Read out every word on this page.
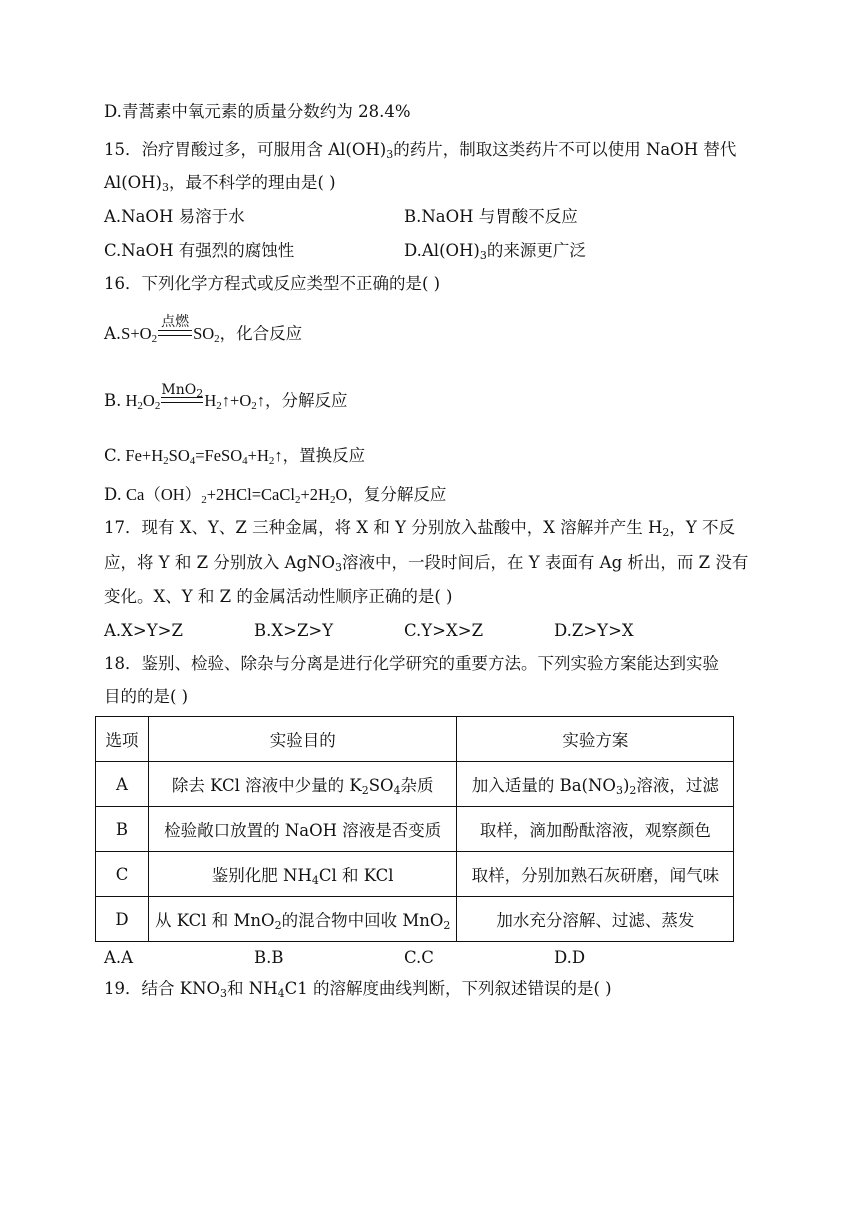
D.青蒿素中氧元素的质量分数约为 28.4%
15．治疗胃酸过多，可服用含 $Al(OH)_3$的药片，制取这类药片不可以使用 NaOH 替代
$Al(OH)_3$，最不科学的理由是( )
A.NaOH 易溶于水	B.NaOH 与胃酸不反应
C.NaOH 有强烈的腐蚀性	$D.Al(OH)_3$的来源更广泛
16．下列化学方程式或反应类型不正确的是( )
$A.S+O_2$
点燃
$SO_2$，化合反应
B. $H_2O_2$
MnO$_2$ $H_2↑+O_2↑$，分解反应
C. $Fe+H_2SO_4=FeSO_4+H_2↑$，置换反应
D. $Ca(OH)_2+2HCl=CaCl_2+2H_2O$，复分解反应
17．现有 X、Y、Z 三种金属，将 X 和 Y 分别放入盐酸中，X 溶解并产生 $H_2$，Y 不反
应，将 Y 和 Z 分别放入 AgNO$_3$溶液中，一段时间后，在 Y 表面有 Ag 析出，而 Z 没有
变化。X、Y 和 Z 的金属活动性顺序正确的是( )
A.X>Y>Z	B.X>Z>Y	C.Y>X>Z	D.Z>Y>X
18．鉴别、检验、除杂与分离是进行化学研究的重要方法。下列实验方案能达到实验
目的的是( )
选项	实验目的	实验方案
A	除去 KCl 溶液中少量的 $K_2SO_4$杂质	加入适量的 $Ba(NO_3)_2$溶液，过滤
B	检验敞口放置的 NaOH 溶液是否变质	取样，滴加酚酞溶液，观察颜色
C	鉴别化肥 $NH_4Cl$ 和 KCl	取样，分别加熟石灰研磨，闻气味
D	从 KCl 和 MnO$_2$的混合物中回收 MnO$_2$	加水充分溶解、过滤、蒸发
A.A	B.B	C.C	D.D
19．结合 $KNO_3$和 $NH_4C1$ 的溶解度曲线判断，下列叙述错误的是( )
